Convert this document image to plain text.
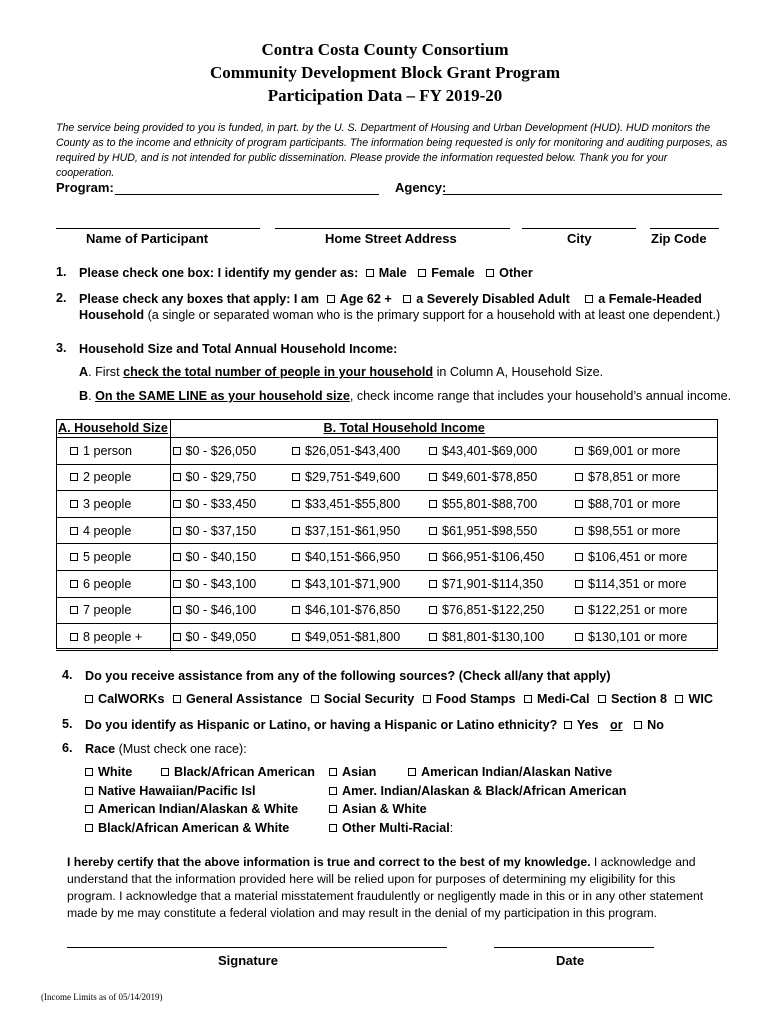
Contra Costa County Consortium
Community Development Block Grant Program
Participation Data – FY 2019-20
The service being provided to you is funded, in part. by the U. S. Department of Housing and Urban Development (HUD). HUD monitors the County as to the income and ethnicity of program participants. The information being requested is only for monitoring and auditing purposes, as required by HUD, and is not intended for public dissemination. Please provide the information requested below. Thank you for your cooperation.
Program:	Agency:
Name of Participant	Home Street Address	City	Zip Code
1. Please check one box: I identify my gender as: Male Female Other
2. Please check any boxes that apply: I am Age 62 + a Severely Disabled Adult a Female-Headed
Household (a single or separated woman who is the primary support for a household with at least one dependent.)
3. Household Size and Total Annual Household Income:
A. First check the total number of people in your household in Column A, Household Size.
B. On the SAME LINE as your household size, check income range that includes your household’s annual income.
A. Household Size	B. Total Household Income			
1 person	$0 - $26,050	$26,051-$43,400	$43,401-$69,000	$69,001 or more
2 people	$0 - $29,750	$29,751-$49,600	$49,601-$78,850	$78,851 or more
3 people	$0 - $33,450	$33,451-$55,800	$55,801-$88,700	$88,701 or more
4 people	$0 - $37,150	$37,151-$61,950	$61,951-$98,550	$98,551 or more
5 people	$0 - $40,150	$40,151-$66,950	$66,951-$106,450	$106,451 or more
6 people	$0 - $43,100	$43,101-$71,900	$71,901-$114,350	$114,351 or more
7 people	$0 - $46,100	$46,101-$76,850	$76,851-$122,250	$122,251 or more
8 people +	$0 - $49,050	$49,051-$81,800	$81,801-$130,100	$130,101 or more
4. Do you receive assistance from any of the following sources? (Check all/any that apply)
CalWORKs General Assistance Social Security Food Stamps Medi-Cal Section 8 WIC
5. Do you identify as Hispanic or Latino, or having a Hispanic or Latino ethnicity? Yes or No
6. Race (Must check one race):
White	Black/African American	Asian	American Indian/Alaskan Native
Native Hawaiian/Pacific Isl	Amer. Indian/Alaskan & Black/African American
American Indian/Alaskan & White	Asian & White
Black/African American & White	Other Multi-Racial:
I hereby certify that the above information is true and correct to the best of my knowledge. I acknowledge and understand that the information provided here will be relied upon for purposes of determining my eligibility for this program. I acknowledge that a material misstatement fraudulently or negligently made in this or in any other statement made by me may constitute a federal violation and may result in the denial of my participation in this program.
Signature	Date
(Income Limits as of 05/14/2019)
